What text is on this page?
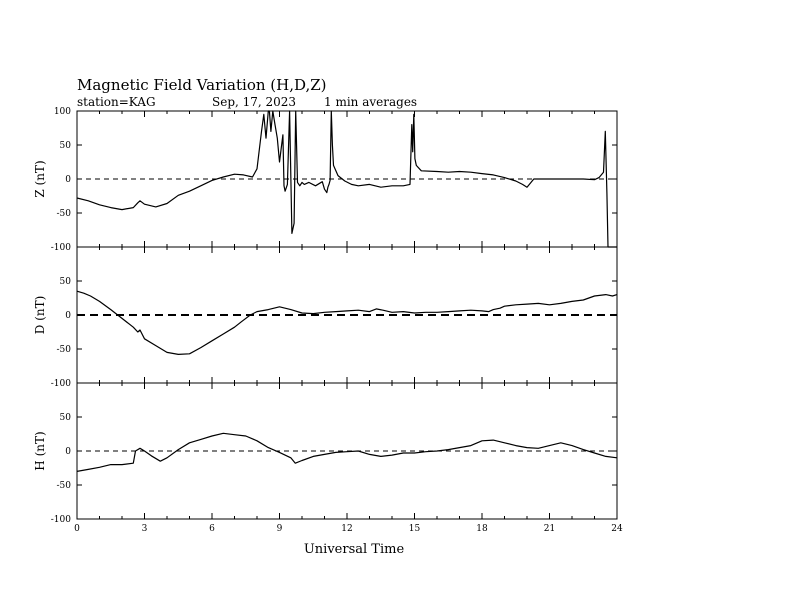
Magnetic Field Variation (H,D,Z)
station=KAG	Sep, 17, 2023 1 min averages
100
50
0
-50
-100
Z (nT)
50
0
-50
-100
D (nT)
50
0
-50
-100
0	3	6	9	12	15	18	21	24
H (nT)
Universal Time
